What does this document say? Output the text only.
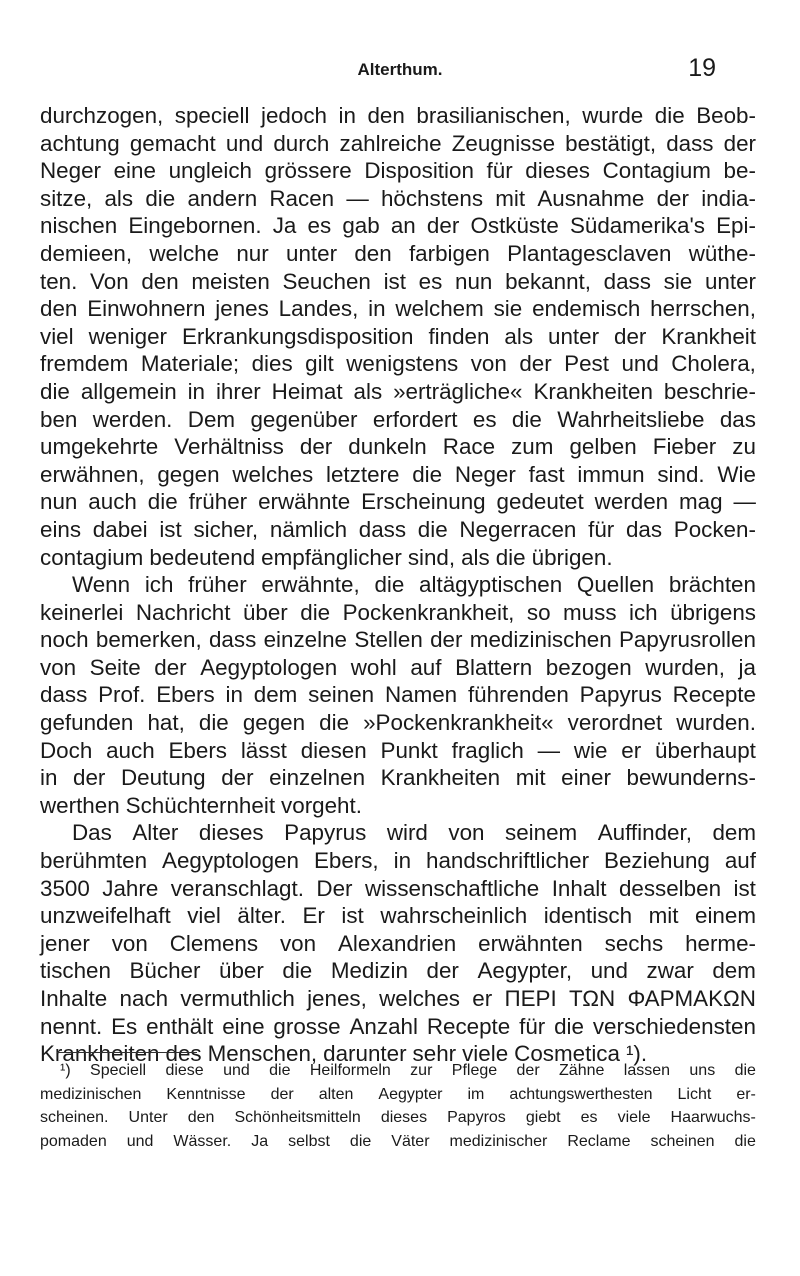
Alterthum.	19
durchzogen, speciell jedoch in den brasilianischen, wurde die Beob-
achtung gemacht und durch zahlreiche Zeugnisse bestätigt, dass der
Neger eine ungleich grössere Disposition für dieses Contagium be-
sitze, als die andern Racen — höchstens mit Ausnahme der india-
nischen Eingebornen. Ja es gab an der Ostküste Südamerika's Epi-
demieen, welche nur unter den farbigen Plantagesclaven wüthe-
ten. Von den meisten Seuchen ist es nun bekannt, dass sie unter
den Einwohnern jenes Landes, in welchem sie endemisch herrschen,
viel weniger Erkrankungsdisposition finden als unter der Krankheit
fremdem Materiale; dies gilt wenigstens von der Pest und Cholera,
die allgemein in ihrer Heimat als »erträgliche« Krankheiten beschrie-
ben werden. Dem gegenüber erfordert es die Wahrheitsliebe das
umgekehrte Verhältniss der dunkeln Race zum gelben Fieber zu
erwähnen, gegen welches letztere die Neger fast immun sind. Wie
nun auch die früher erwähnte Erscheinung gedeutet werden mag —
eins dabei ist sicher, nämlich dass die Negerracen für das Pocken-
contagium bedeutend empfänglicher sind, als die übrigen.
Wenn ich früher erwähnte, die altägyptischen Quellen brächten
keinerlei Nachricht über die Pockenkrankheit, so muss ich übrigens
noch bemerken, dass einzelne Stellen der medizinischen Papyrusrollen
von Seite der Aegyptologen wohl auf Blattern bezogen wurden, ja
dass Prof. Ebers in dem seinen Namen führenden Papyrus Recepte
gefunden hat, die gegen die »Pockenkrankheit« verordnet wurden.
Doch auch Ebers lässt diesen Punkt fraglich — wie er überhaupt
in der Deutung der einzelnen Krankheiten mit einer bewunderns-
werthen Schüchternheit vorgeht.
Das Alter dieses Papyrus wird von seinem Auffinder, dem
berühmten Aegyptologen Ebers, in handschriftlicher Beziehung auf
3500 Jahre veranschlagt. Der wissenschaftliche Inhalt desselben ist
unzweifelhaft viel älter. Er ist wahrscheinlich identisch mit einem
jener von Clemens von Alexandrien erwähnten sechs herme-
tischen Bücher über die Medizin der Aegypter, und zwar dem
Inhalte nach vermuthlich jenes, welches er ΠΕΡΙ ΤΩΝ ΦΑΡΜΑΚΩΝ
nennt. Es enthält eine grosse Anzahl Recepte für die verschiedensten
Krankheiten des Menschen, darunter sehr viele Cosmetica ¹).
¹) Speciell diese und die Heilformeln zur Pflege der Zähne lassen uns die
medizinischen Kenntnisse der alten Aegypter im achtungswerthesten Licht er-
scheinen. Unter den Schönheitsmitteln dieses Papyros giebt es viele Haarwuchs-
pomaden und Wässer. Ja selbst die Väter medizinischer Reclame scheinen die
